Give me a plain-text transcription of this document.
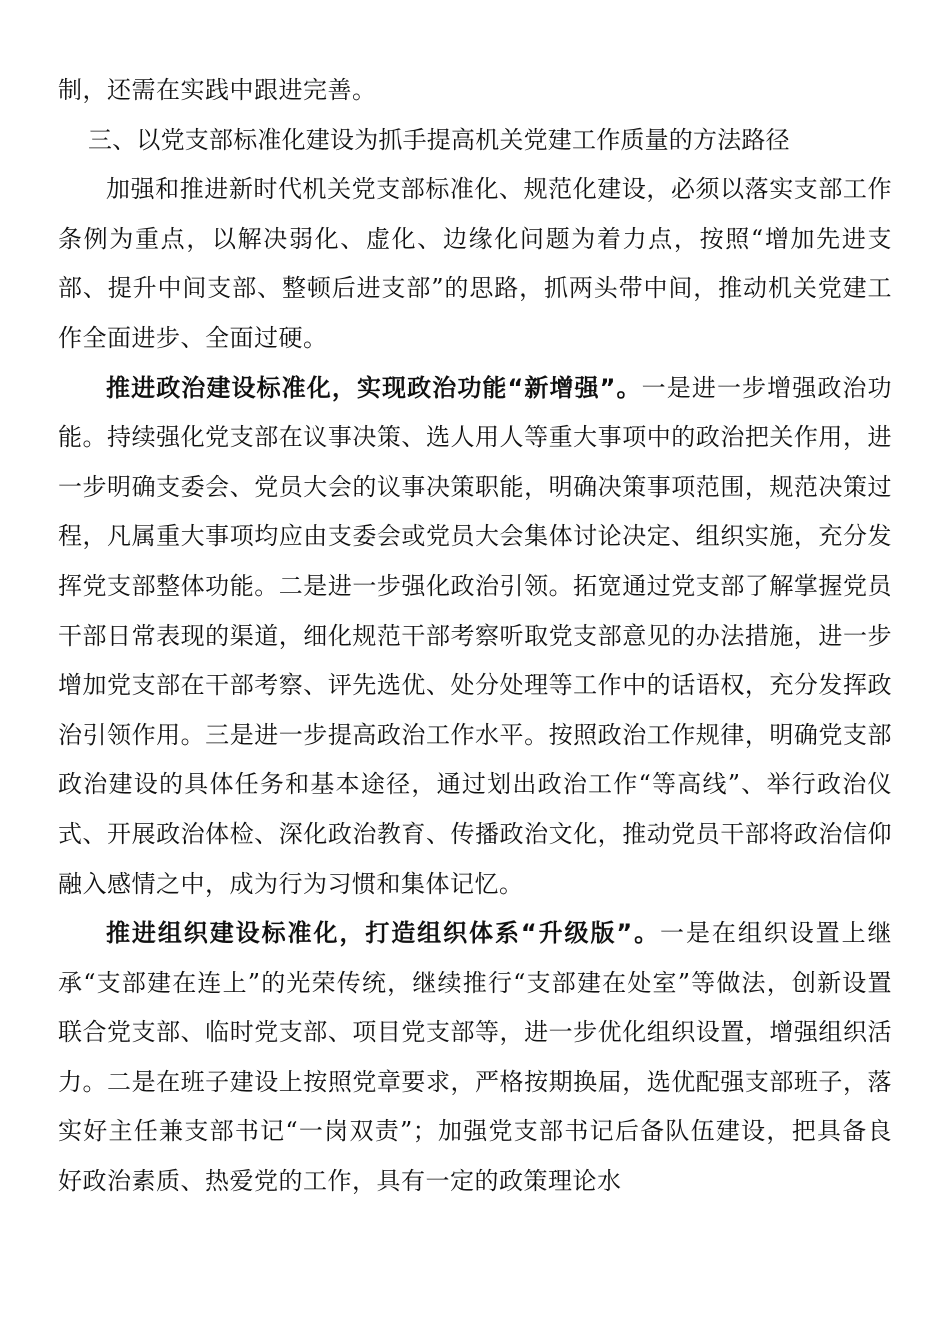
制，还需在实践中跟进完善。

三、以党支部标准化建设为抓手提高机关党建工作质量的方法路径

加强和推进新时代机关党支部标准化、规范化建设，必须以落实支部工作条例为重点，以解决弱化、虚化、边缘化问题为着力点，按照“增加先进支部、提升中间支部、整顿后进支部”的思路，抓两头带中间，推动机关党建工作全面进步、全面过硬。

推进政治建设标准化，实现政治功能“新增强”。一是进一步增强政治功能。持续强化党支部在议事决策、选人用人等重大事项中的政治把关作用，进一步明确支委会、党员大会的议事决策职能，明确决策事项范围，规范决策过程，凡属重大事项均应由支委会或党员大会集体讨论决定、组织实施，充分发挥党支部整体功能。二是进一步强化政治引领。拓宽通过党支部了解掌握党员干部日常表现的渠道，细化规范干部考察听取党支部意见的办法措施，进一步增加党支部在干部考察、评先选优、处分处理等工作中的话语权，充分发挥政治引领作用。三是进一步提高政治工作水平。按照政治工作规律，明确党支部政治建设的具体任务和基本途径，通过划出政治工作“等高线”、举行政治仪式、开展政治体检、深化政治教育、传播政治文化，推动党员干部将政治信仰融入感情之中，成为行为习惯和集体记忆。

推进组织建设标准化，打造组织体系“升级版”。一是在组织设置上继承“支部建在连上”的光荣传统，继续推行“支部建在处室”等做法，创新设置联合党支部、临时党支部、项目党支部等，进一步优化组织设置，增强组织活力。二是在班子建设上按照党章要求，严格按期换届，选优配强支部班子，落实好主任兼支部书记“一岗双责”；加强党支部书记后备队伍建设，把具备良好政治素质、热爱党的工作，具有一定的政策理论水
